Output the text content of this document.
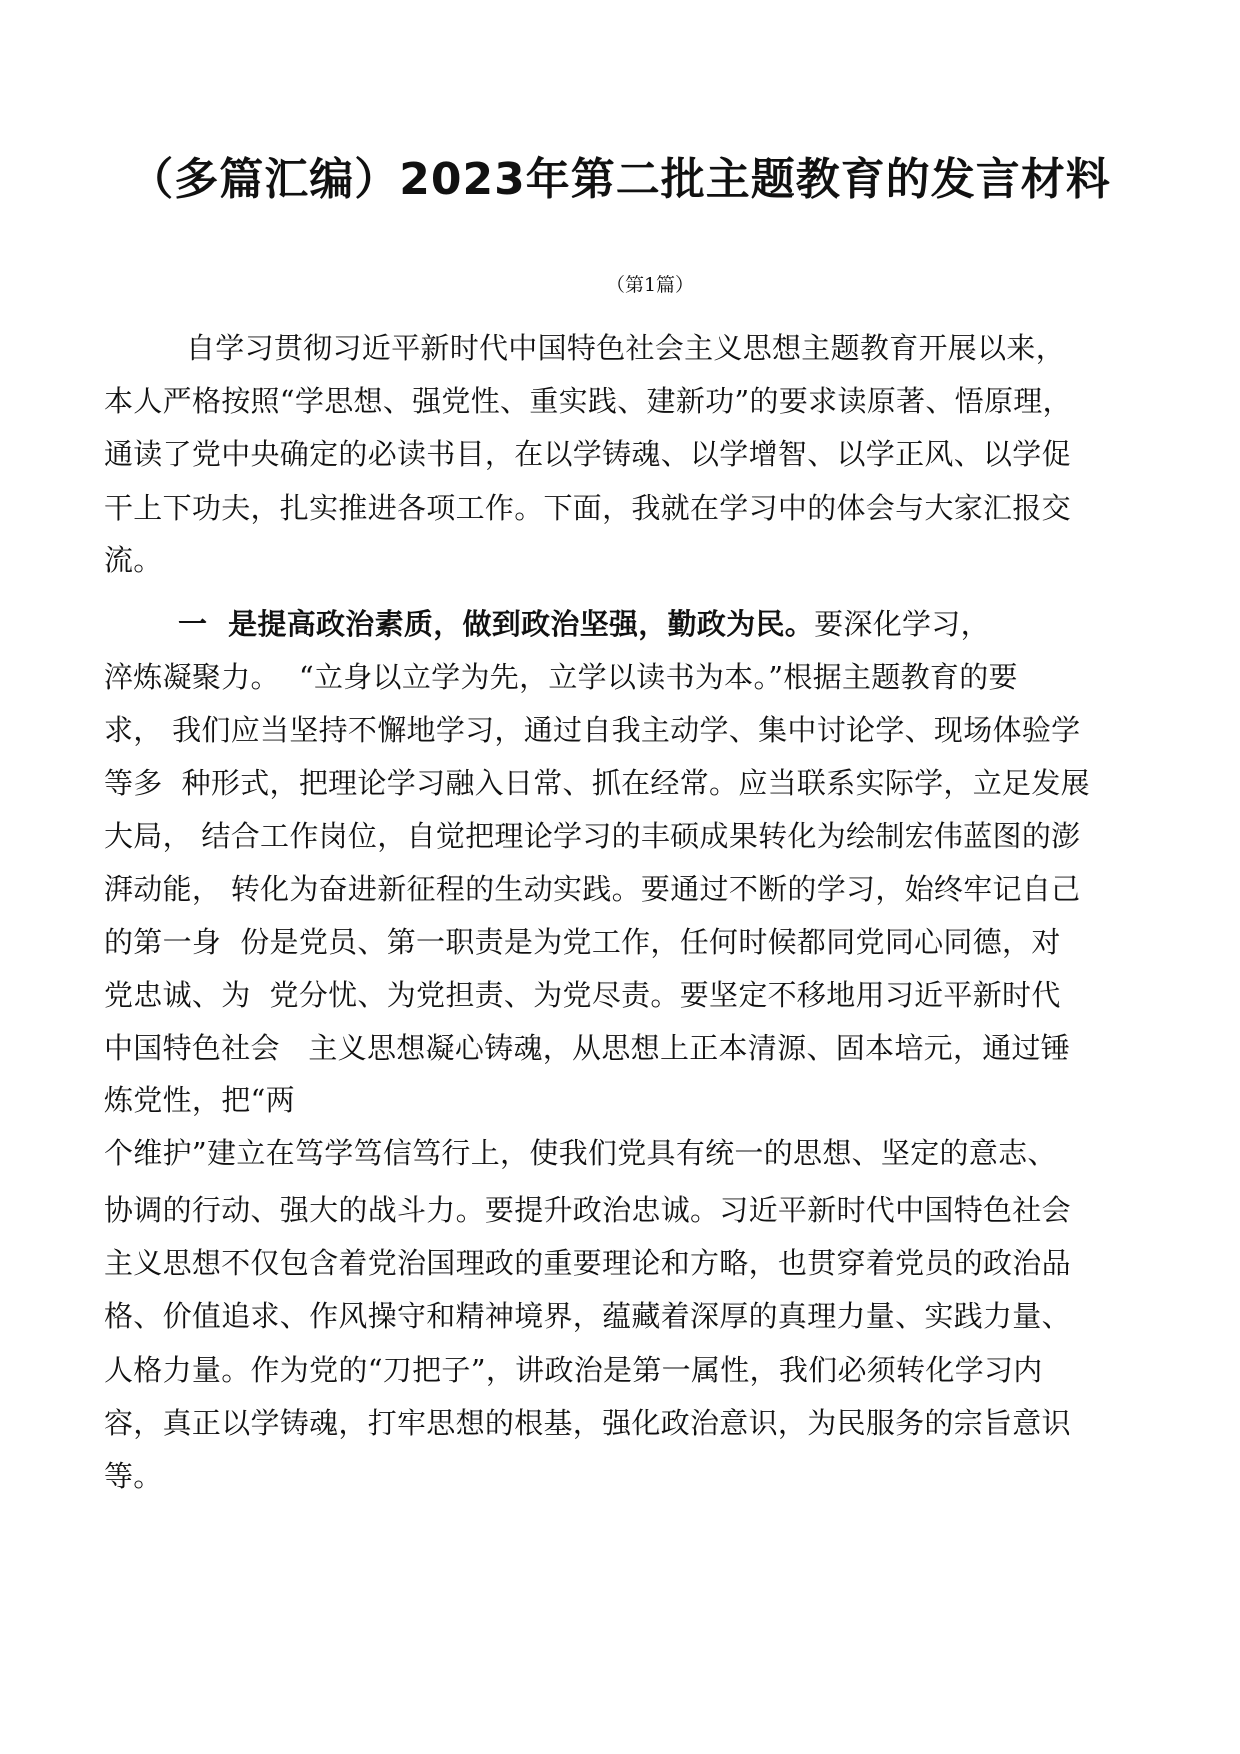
（多篇汇编）2023年第二批主题教育的发言材料
（第1篇）
自学习贯彻习近平新时代中国特色社会主义思想主题教育开展以来，
本人严格按照“学思想、强党性、重实践、建新功”的要求读原著、悟原理，
通读了党中央确定的必读书目，在以学铸魂、以学增智、以学正风、以学促
干上下功夫，扎实推进各项工作。下面，我就在学习中的体会与大家汇报交
流。
一  是提高政治素质，做到政治坚强，勤政为民。要深化学习，
淬炼凝聚力。  “立身以立学为先，立学以读书为本。”根据主题教育的要
求， 我们应当坚持不懈地学习，通过自我主动学、集中讨论学、现场体验学
等多  种形式，把理论学习融入日常、抓在经常。应当联系实际学，立足发展
大局， 结合工作岗位，自觉把理论学习的丰硕成果转化为绘制宏伟蓝图的澎
湃动能， 转化为奋进新征程的生动实践。要通过不断的学习，始终牢记自己
的第一身  份是党员、第一职责是为党工作，任何时候都同党同心同德，对
党忠诚、为  党分忧、为党担责、为党尽责。要坚定不移地用习近平新时代
中国特色社会   主义思想凝心铸魂，从思想上正本清源、固本培元，通过锤
炼党性，把“两
个维护”建立在笃学笃信笃行上，使我们党具有统一的思想、坚定的意志、
协调的行动、强大的战斗力。要提升政治忠诚。习近平新时代中国特色社会
主义思想不仅包含着党治国理政的重要理论和方略，也贯穿着党员的政治品
格、价值追求、作风操守和精神境界，蕴藏着深厚的真理力量、实践力量、
人格力量。作为党的“刀把子”，讲政治是第一属性，我们必须转化学习内
容，真正以学铸魂，打牢思想的根基，强化政治意识，为民服务的宗旨意识
等。
